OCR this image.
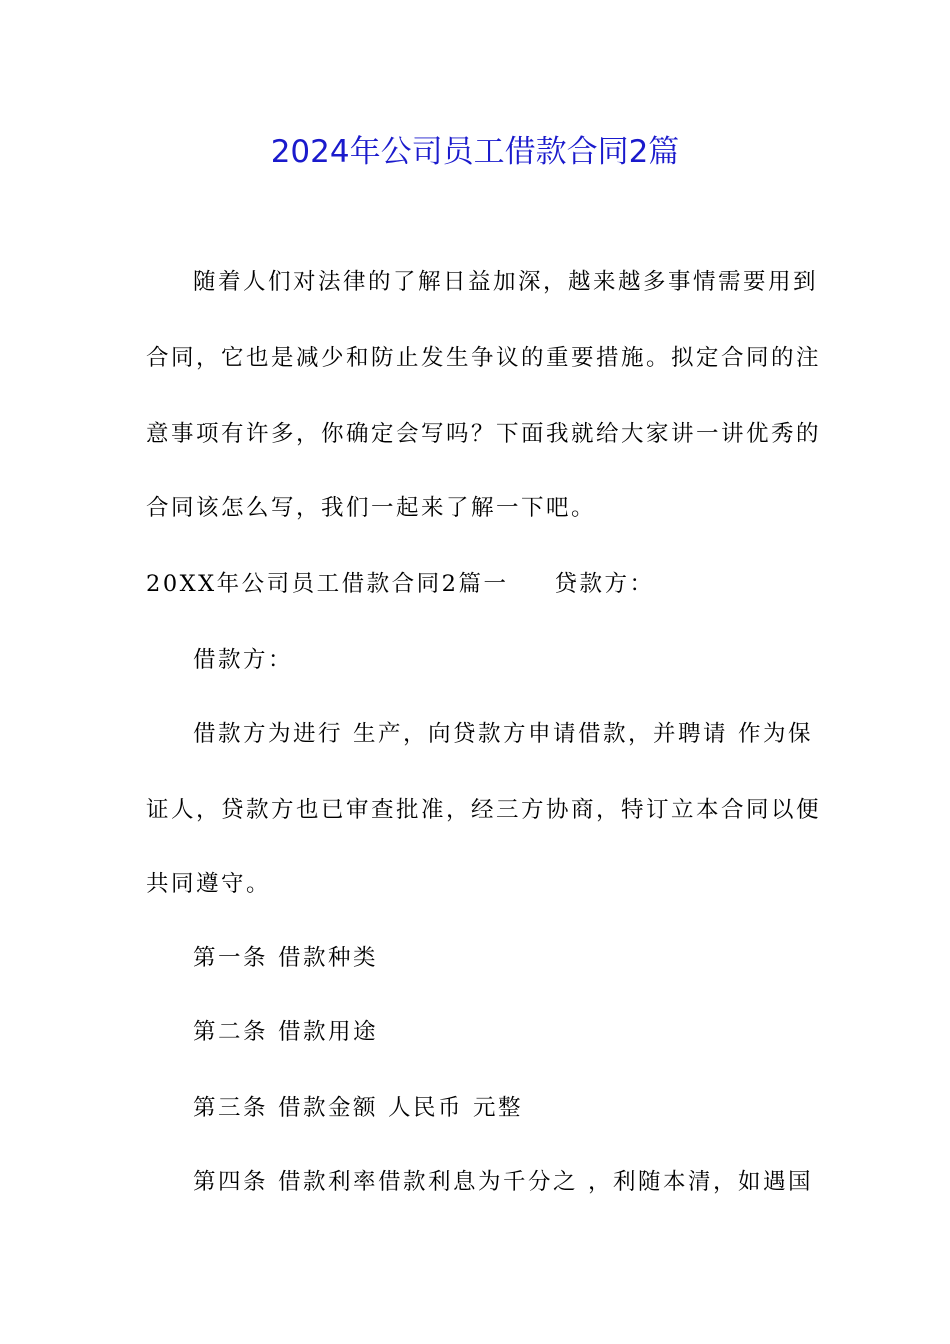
2024年公司员工借款合同2篇
随着人们对法律的了解日益加深，越来越多事情需要用到
合同，它也是减少和防止发生争议的重要措施。拟定合同的注
意事项有许多，你确定会写吗？下面我就给大家讲一讲优秀的
合同该怎么写，我们一起来了解一下吧。
20XX年公司员工借款合同2篇一 贷款方：
借款方：
借款方为进行 生产，向贷款方申请借款，并聘请 作为保
证人，贷款方也已审查批准，经三方协商，特订立本合同以便
共同遵守。
第一条 借款种类
第二条 借款用途
第三条 借款金额 人民币 元整
第四条 借款利率借款利息为千分之 ，利随本清，如遇国
